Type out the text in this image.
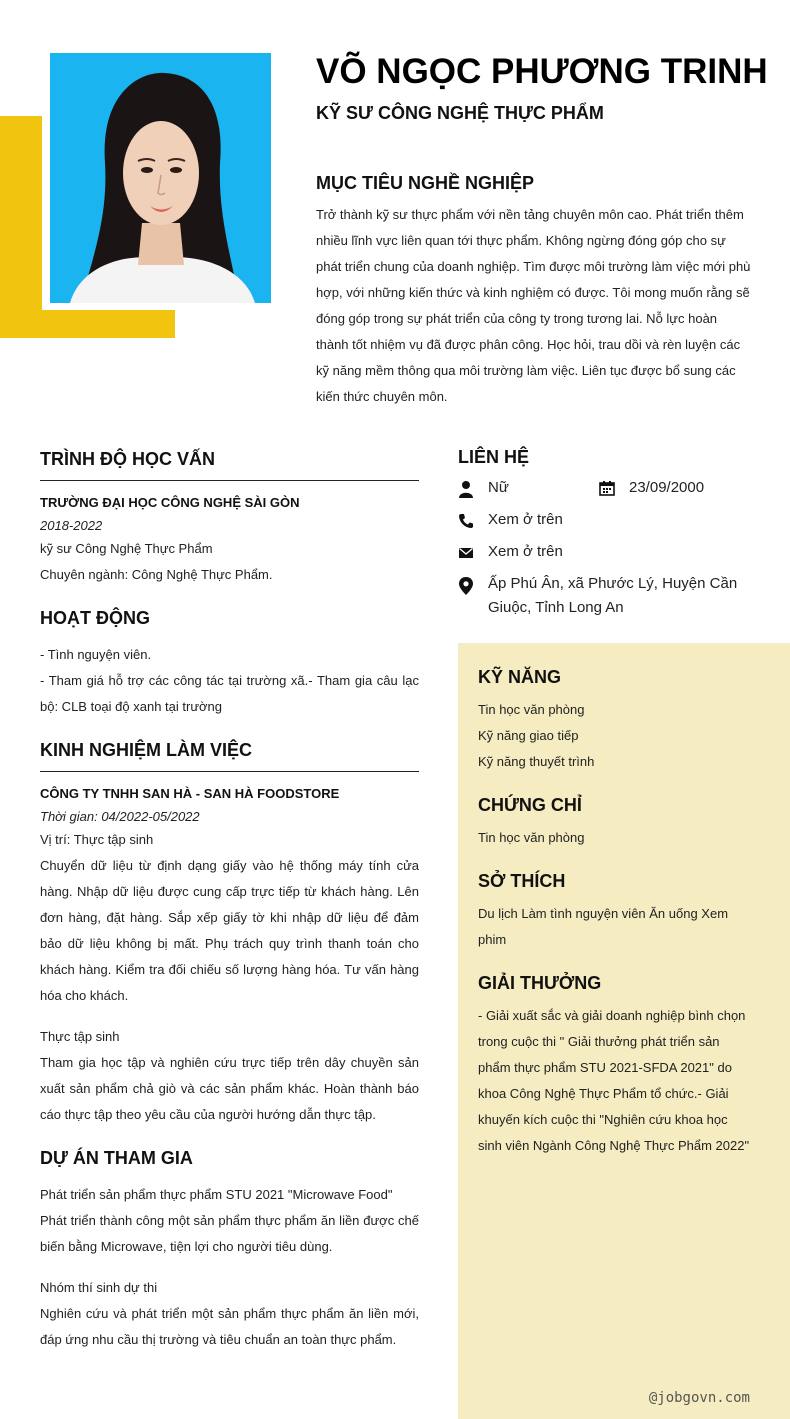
VÕ NGỌC PHƯƠNG TRINH
KỸ SƯ CÔNG NGHỆ THỰC PHẨM
MỤC TIÊU NGHỀ NGHIỆP
Trở thành kỹ sư thực phẩm với nền tảng chuyên môn cao. Phát triển thêm nhiều lĩnh vực liên quan tới thực phẩm. Không ngừng đóng góp cho sự phát triển chung của doanh nghiệp. Tìm được môi trường làm việc mới phù hợp, với những kiến thức và kinh nghiệm có được. Tôi mong muốn rằng sẽ đóng góp trong sự phát triển của công ty trong tương lai. Nỗ lực hoàn thành tốt nhiệm vụ đã được phân công. Học hỏi, trau dồi và rèn luyện các kỹ năng mềm thông qua môi trường làm việc. Liên tục được bổ sung các kiến thức chuyên môn.
TRÌNH ĐỘ HỌC VẤN
TRƯỜNG ĐẠI HỌC CÔNG NGHỆ SÀI GÒN
2018-2022
kỹ sư Công Nghệ Thực Phẩm
Chuyên ngành: Công Nghệ Thực Phẩm.
HOẠT ĐỘNG
- Tình nguyện viên.
- Tham giá hỗ trợ các công tác tại trường xã.- Tham gia câu lạc bộ: CLB toại độ xanh tại trường
KINH NGHIỆM LÀM VIỆC
CÔNG TY TNHH SAN HÀ - SAN HÀ FOODSTORE
Thời gian: 04/2022-05/2022
Vị trí: Thực tập sinh
Chuyển dữ liệu từ định dạng giấy vào hệ thống máy tính cửa hàng. Nhập dữ liệu được cung cấp trực tiếp từ khách hàng. Lên đơn hàng, đặt hàng. Sắp xếp giấy tờ khi nhập dữ liệu để đảm bảo dữ liệu không bị mất. Phụ trách quy trình thanh toán cho khách hàng. Kiểm tra đối chiếu số lượng hàng hóa. Tư vấn hàng hóa cho khách.
Thực tập sinh
Tham gia học tập và nghiên cứu trực tiếp trên dây chuyền sản xuất sản phẩm chả giò và các sản phẩm khác. Hoàn thành báo cáo thực tập theo yêu cầu của người hướng dẫn thực tập.
DỰ ÁN THAM GIA
Phát triển sản phẩm thực phẩm STU 2021 "Microwave Food"
Phát triển thành công một sản phẩm thực phẩm ăn liền được chế biến bằng Microwave, tiện lợi cho người tiêu dùng.
Nhóm thí sinh dự thi
Nghiên cứu và phát triển một sản phẩm thực phẩm ăn liền mới, đáp ứng nhu cầu thị trường và tiêu chuẩn an toàn thực phẩm.
LIÊN HỆ
Nữ	23/09/2000
Xem ở trên
Xem ở trên
Ấp Phú Ân, xã Phước Lý, Huyện Cần Giuộc, Tỉnh Long An
KỸ NĂNG
Tin học văn phòng
Kỹ năng giao tiếp
Kỹ năng thuyết trình
CHỨNG CHỈ
Tin học văn phòng
SỞ THÍCH
Du lịch Làm tình nguyện viên Ăn uống Xem phim
GIẢI THƯỞNG
- Giải xuất sắc và giải doanh nghiệp bình chọn trong cuộc thi " Giải thưởng phát triển sản phẩm thực phẩm STU 2021-SFDA 2021" do khoa Công Nghệ Thực Phẩm tổ chức.- Giải khuyến kích cuộc thi "Nghiên cứu khoa học sinh viên Ngành Công Nghệ Thực Phẩm 2022"
@jobgovn.com
